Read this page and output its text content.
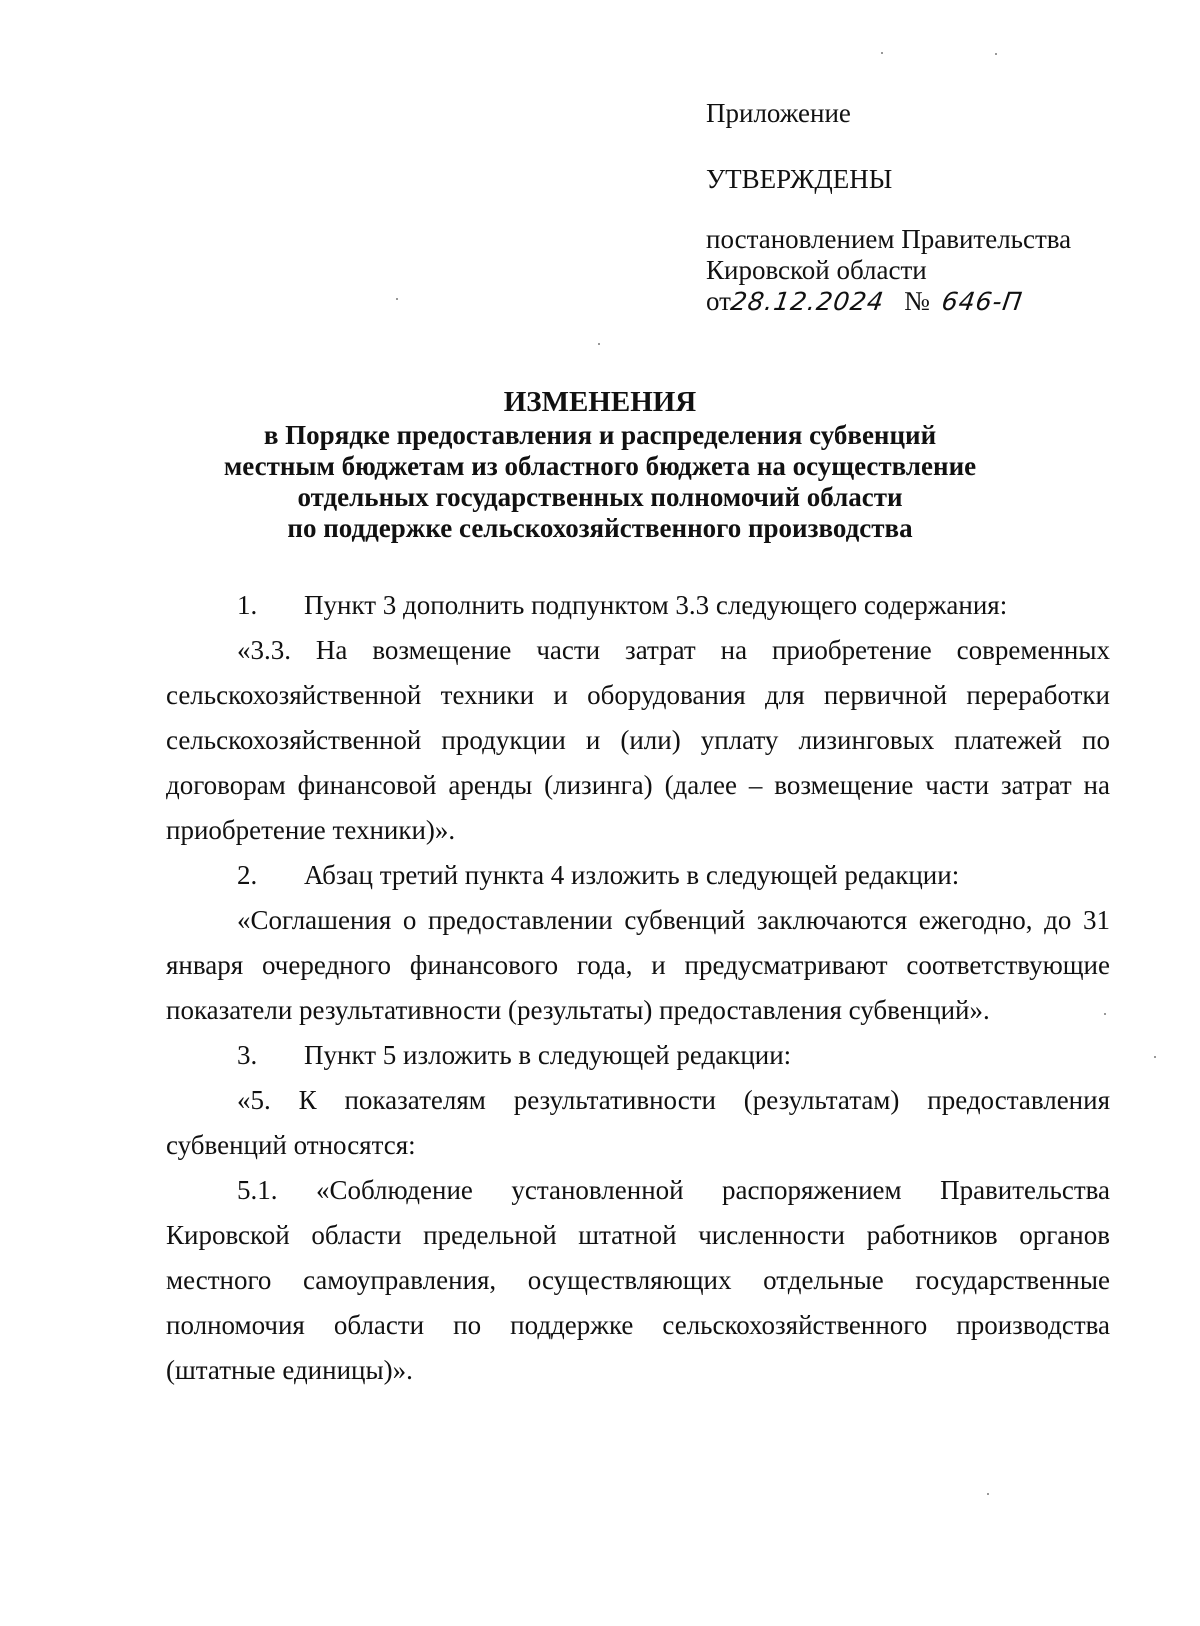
Приложение
УТВЕРЖДЕНЫ
постановлением Правительства
Кировской области
от28.12.2024 № 646-П
ИЗМЕНЕНИЯ
в Порядке предоставления и распределения субвенций
местным бюджетам из областного бюджета на осуществление
отдельных государственных полномочий области
по поддержке сельскохозяйственного производства

1. Пункт 3 дополнить подпунктом 3.3 следующего содержания:

«3.3. На возмещение части затрат на приобретение современных сельскохозяйственной техники и оборудования для первичной переработки сельскохозяйственной продукции и (или) уплату лизинговых платежей по договорам финансовой аренды (лизинга) (далее – возмещение части затрат на приобретение техники)».

2. Абзац третий пункта 4 изложить в следующей редакции:

«Соглашения о предоставлении субвенций заключаются ежегодно, до 31 января очередного финансового года, и предусматривают соответствующие показатели результативности (результаты) предоставления субвенций».

3. Пункт 5 изложить в следующей редакции:

«5. К показателям результативности (результатам) предоставления субвенций относятся:

5.1. «Соблюдение установленной распоряжением Правительства Кировской области предельной штатной численности работников органов местного самоуправления, осуществляющих отдельные государственные полномочия области по поддержке сельскохозяйственного производства (штатные единицы)».
